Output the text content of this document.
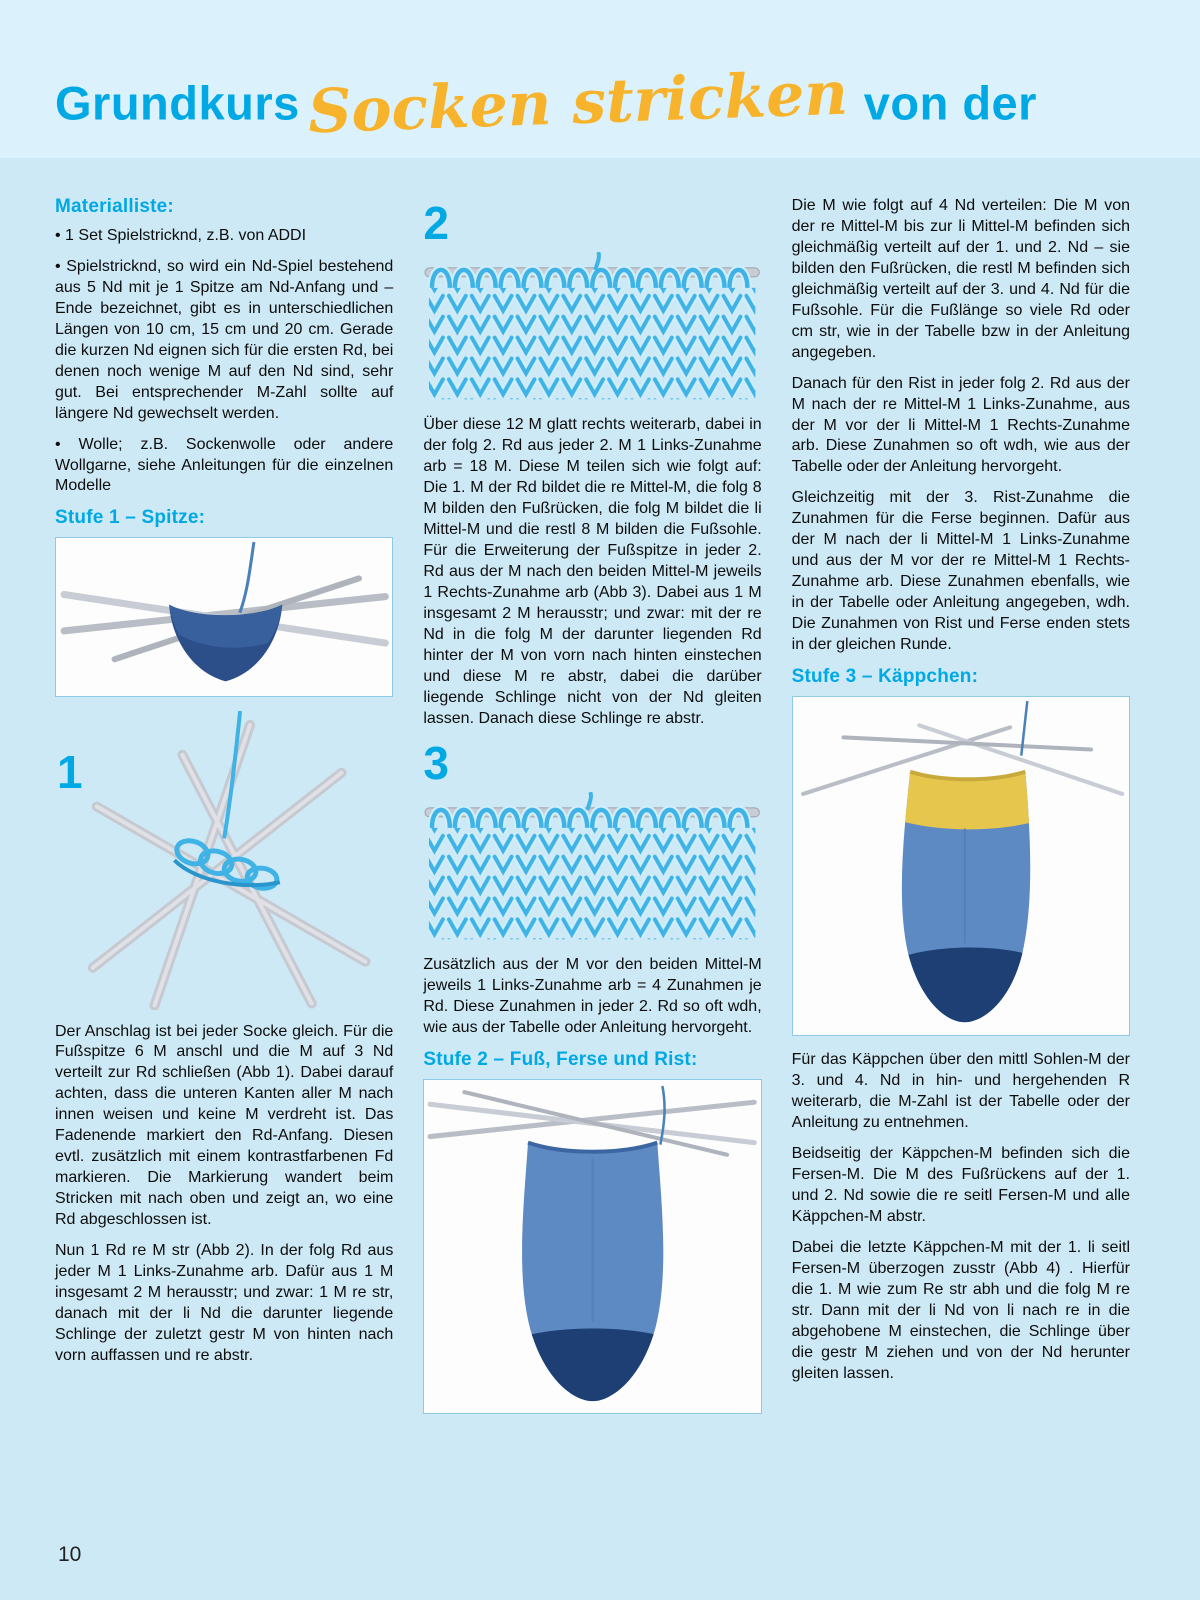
Grundkurs Socken stricken von der
Materialliste:

• 1 Set Spielstricknd, z.B. von ADDI

• Spielstricknd, so wird ein Nd-Spiel bestehend aus 5 Nd mit je 1 Spitze am Nd-Anfang und – Ende bezeichnet, gibt es in unterschiedlichen Längen von 10 cm, 15 cm und 20 cm. Gerade die kurzen Nd eignen sich für die ersten Rd, bei denen noch wenige M auf den Nd sind, sehr gut. Bei entsprechender M-Zahl sollte auf längere Nd gewechselt werden.

• Wolle; z.B. Sockenwolle oder andere Wollgarne, siehe Anleitungen für die einzelnen Modelle

Stufe 1 – Spitze:
1

Der Anschlag ist bei jeder Socke gleich. Für die Fußspitze 6 M anschl und die M auf 3 Nd verteilt zur Rd schließen (Abb 1). Dabei darauf achten, dass die unteren Kanten aller M nach innen weisen und keine M verdreht ist. Das Fadenende markiert den Rd-Anfang. Diesen evtl. zusätzlich mit einem kontrastfarbenen Fd markieren. Die Markierung wandert beim Stricken mit nach oben und zeigt an, wo eine Rd abgeschlossen ist.

Nun 1 Rd re M str (Abb 2). In der folg Rd aus jeder M 1 Links-Zunahme arb. Dafür aus 1 M insgesamt 2 M herausstr; und zwar: 1 M re str, danach mit der li Nd die darunter liegende Schlinge der zuletzt gestr M von hinten nach vorn auffassen und re abstr.

2

Über diese 12 M glatt rechts weiterarb, dabei in der folg 2. Rd aus jeder 2. M 1 Links-Zunahme arb = 18 M. Diese M teilen sich wie folgt auf: Die 1. M der Rd bildet die re Mittel-M, die folg 8 M bilden den Fußrücken, die folg M bildet die li Mittel-M und die restl 8 M bilden die Fußsohle. Für die Erweiterung der Fußspitze in jeder 2. Rd aus der M nach den beiden Mittel-M jeweils 1 Rechts-Zunahme arb (Abb 3). Dabei aus 1 M insgesamt 2 M herausstr; und zwar: mit der re Nd in die folg M der darunter liegenden Rd hinter der M von vorn nach hinten einstechen und diese M re abstr, dabei die darüber liegende Schlinge nicht von der Nd gleiten lassen. Danach diese Schlinge re abstr.

3

Zusätzlich aus der M vor den beiden Mittel-M jeweils 1 Links-Zunahme arb = 4 Zunahmen je Rd. Diese Zunahmen in jeder 2. Rd so oft wdh, wie aus der Tabelle oder Anleitung hervorgeht.

Stufe 2 – Fuß, Ferse und Rist:

Die M wie folgt auf 4 Nd verteilen: Die M von der re Mittel-M bis zur li Mittel-M befinden sich gleichmäßig verteilt auf der 1. und 2. Nd – sie bilden den Fußrücken, die restl M befinden sich gleichmäßig verteilt auf der 3. und 4. Nd für die Fußsohle. Für die Fußlänge so viele Rd oder cm str, wie in der Tabelle bzw in der Anleitung angegeben.

Danach für den Rist in jeder folg 2. Rd aus der M nach der re Mittel-M 1 Links-Zunahme, aus der M vor der li Mittel-M 1 Rechts-Zunahme arb. Diese Zunahmen so oft wdh, wie aus der Tabelle oder der Anleitung hervorgeht.

Gleichzeitig mit der 3. Rist-Zunahme die Zunahmen für die Ferse beginnen. Dafür aus der M nach der li Mittel-M 1 Links-Zunahme und aus der M vor der re Mittel-M 1 Rechts-Zunahme arb. Diese Zunahmen ebenfalls, wie in der Tabelle oder Anleitung angegeben, wdh. Die Zunahmen von Rist und Ferse enden stets in der gleichen Runde.

Stufe 3 – Käppchen:

Für das Käppchen über den mittl Sohlen-M der 3. und 4. Nd in hin- und hergehenden R weiterarb, die M-Zahl ist der Tabelle oder der Anleitung zu entnehmen.

Beidseitig der Käppchen-M befinden sich die Fersen-M. Die M des Fußrückens auf der 1. und 2. Nd sowie die re seitl Fersen-M und alle Käppchen-M abstr.

Dabei die letzte Käppchen-M mit der 1. li seitl Fersen-M überzogen zusstr (Abb 4) . Hierfür die 1. M wie zum Re str abh und die folg M re str. Dann mit der li Nd von li nach re in die abgehobene M einstechen, die Schlinge über die gestr M ziehen und von der Nd herunter gleiten lassen.

10
